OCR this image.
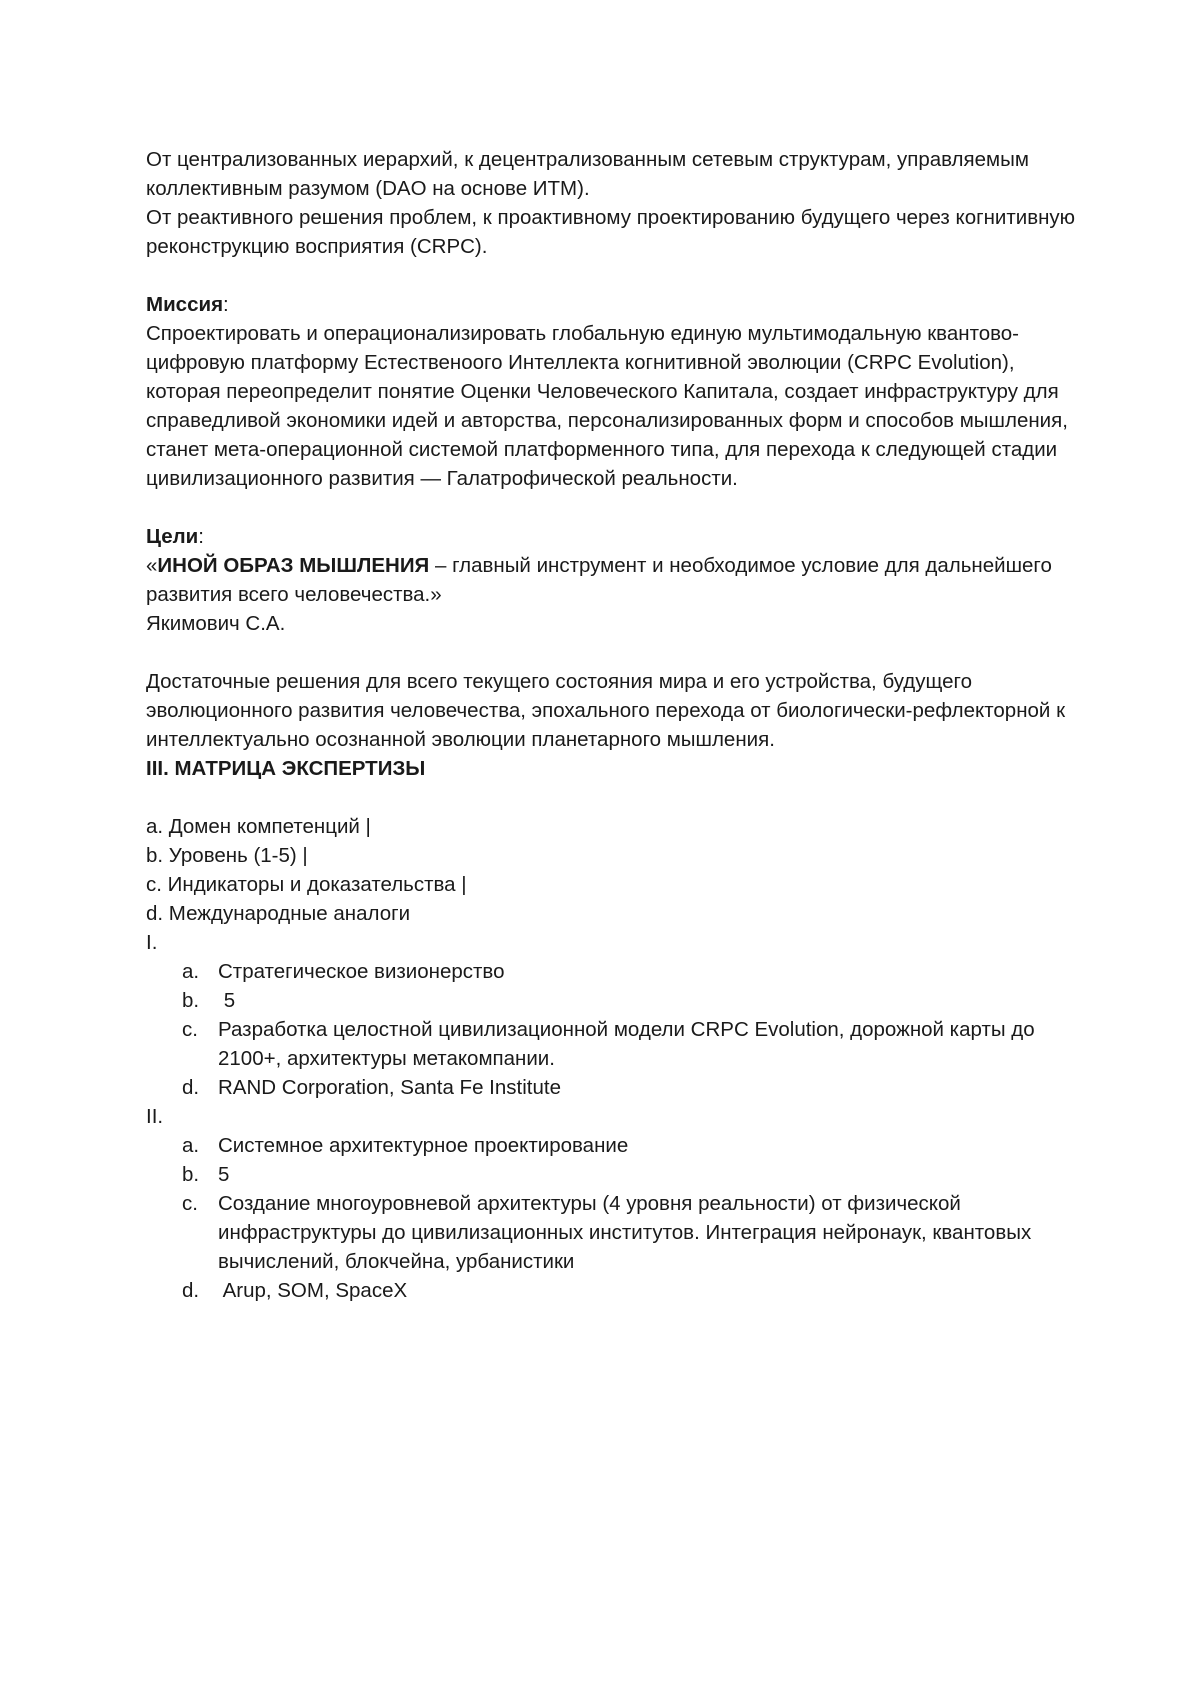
От централизованных иерархий, к децентрализованным сетевым структурам, управляемым коллективным разумом (DAO на основе ИТМ).

От реактивного решения проблем, к проактивному проектированию будущего через когнитивную реконструкцию восприятия (CRPC).

Миссия:

Спроектировать и операционализировать глобальную единую мультимодальную квантово-цифровую платформу Естественоого Интеллекта когнитивной эволюции (CRPC Evolution), которая переопределит понятие Оценки Человеческого Капитала, создает инфраструктуру для справедливой экономики идей и авторства, персонализированных форм и способов мышления, станет мета-операционной системой платформенного типа, для перехода к следующей стадии цивилизационного развития — Галатрофической реальности.

Цели:

«ИНОЙ ОБРАЗ МЫШЛЕНИЯ – главный инструмент и необходимое условие для дальнейшего развития всего человечества.»

Якимович С.А.

Достаточные решения для всего текущего состояния мира и его устройства, будущего эволюционного развития человечества, эпохального перехода от биологически-рефлекторной к интеллектуально осознанной эволюции планетарного мышления.

III. МАТРИЦА ЭКСПЕРТИЗЫ

a. Домен компетенций |

b. Уровень (1-5) |

c. Индикаторы и доказательства |

d. Международные аналоги

I.

a. Стратегическое визионерство
b. 5
c. Разработка целостной цивилизационной модели CRPC Evolution, дорожной карты до 2100+, архитектуры метакомпании.
d. RAND Corporation, Santa Fe Institute

II.

a. Системное архитектурное проектирование
b. 5
c. Создание многоуровневой архитектуры (4 уровня реальности) от физической инфраструктуры до цивилизационных институтов. Интеграция нейронаук, квантовых вычислений, блокчейна, урбанистики
d. Arup, SOM, SpaceX
